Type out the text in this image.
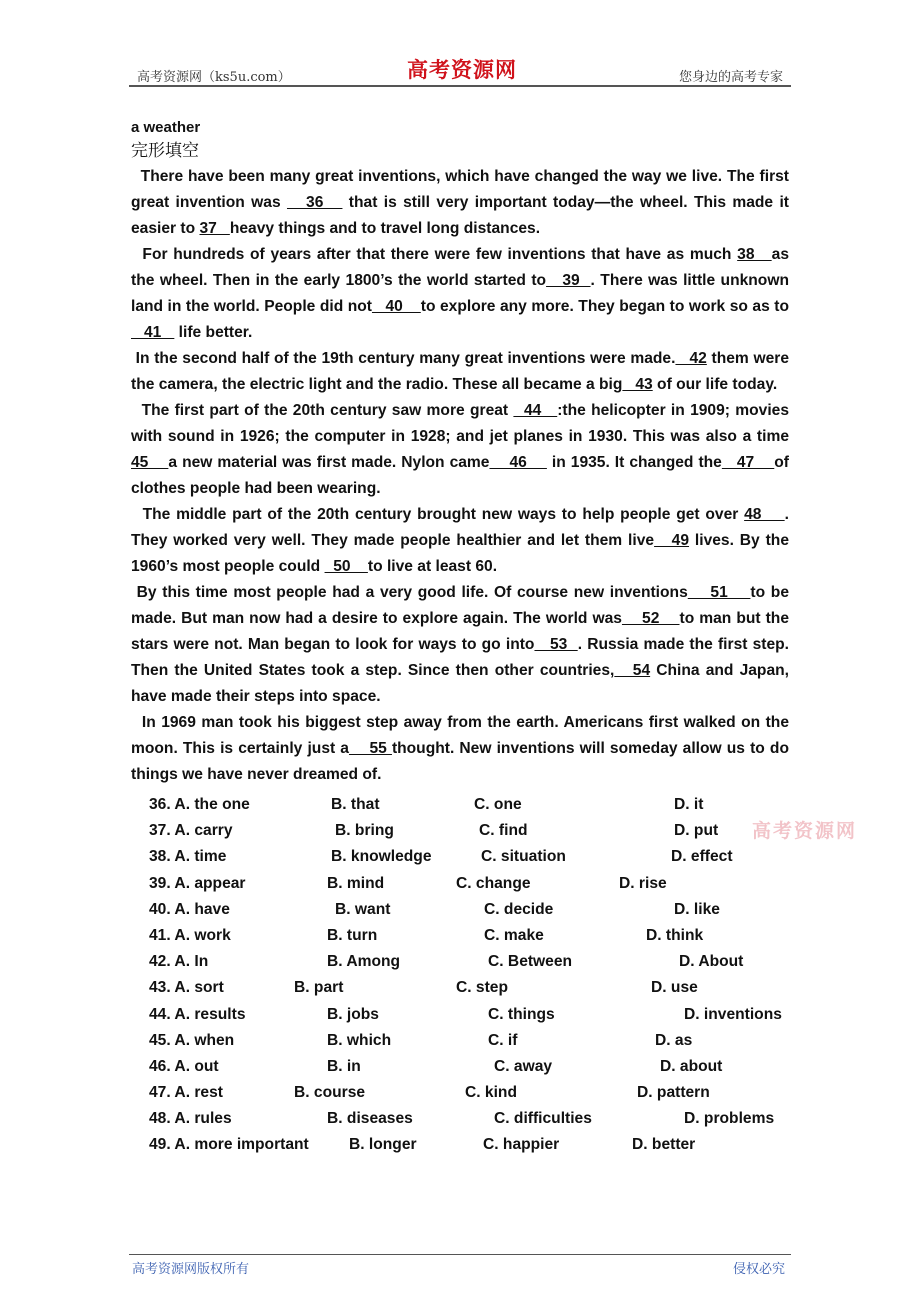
高考资源网（ks5u.com）	高考资源网	您身边的高考专家
a weather
完形填空

There have been many great inventions, which have changed the way we live. The first great invention was    36    that is still very important today—the wheel. This made it easier to 37   heavy things and to travel long distances.

For hundreds of years after that there were few inventions that have as much 38   as the wheel. Then in the early 1800’s the world started to   39  . There was little unknown land in the world. People did not   40    to explore any more. They began to work so as to   41    life better.

In the second half of the 19th century many great inventions were made.   42 them were the camera, the electric light and the radio. These all became a big   43 of our life today.

The first part of the 20th century saw more great   44   :the helicopter in 1909; movies with sound in 1926; the computer in 1928; and jet planes in 1930. This was also a time 45    a new material was first made. Nylon came    46     in 1935. It changed the   47    of clothes people had been wearing.

The middle part of the 20th century brought new ways to help people get over 48    . They worked very well. They made people healthier and let them live   49 lives. By the 1960’s most people could   50    to live at least 60.

By this time most people had a very good life. Of course new inventions    51    to be made. But man now had a desire to explore again. The world was    52    to man but the stars were not. Man began to look for ways to go into   53  . Russia made the first step. Then the United States took a step. Since then other countries,   54 China and Japan, have made their steps into space.

In 1969 man took his biggest step away from the earth. Americans first walked on the moon. This is certainly just a    55 thought. New inventions will someday allow us to do things we have never dreamed of.

36. A. the one	B. that	C. one	D. it
37. A. carry	B. bring	C. find	D. put 高考资源网
38. A. time	B. knowledge	C. situation	D. effect
39. A. appear	B. mind	C. change	D. rise
40. A. have	B. want	C. decide	D. like
41. A. work	B. turn	C. make	D. think
42. A. In	B. Among	C. Between	D. About
43. A. sort	B. part	C. step	D. use
44. A. results	B. jobs	C. things	D. inventions
45. A. when	B. which	C. if	D. as
46. A. out	B. in	C. away	D. about
47. A. rest	B. course	C. kind	D. pattern
48. A. rules	B. diseases	C. difficulties	D. problems
49. A. more important	B. longer	C. happier	D. better
高考资源网版权所有	侵权必究
